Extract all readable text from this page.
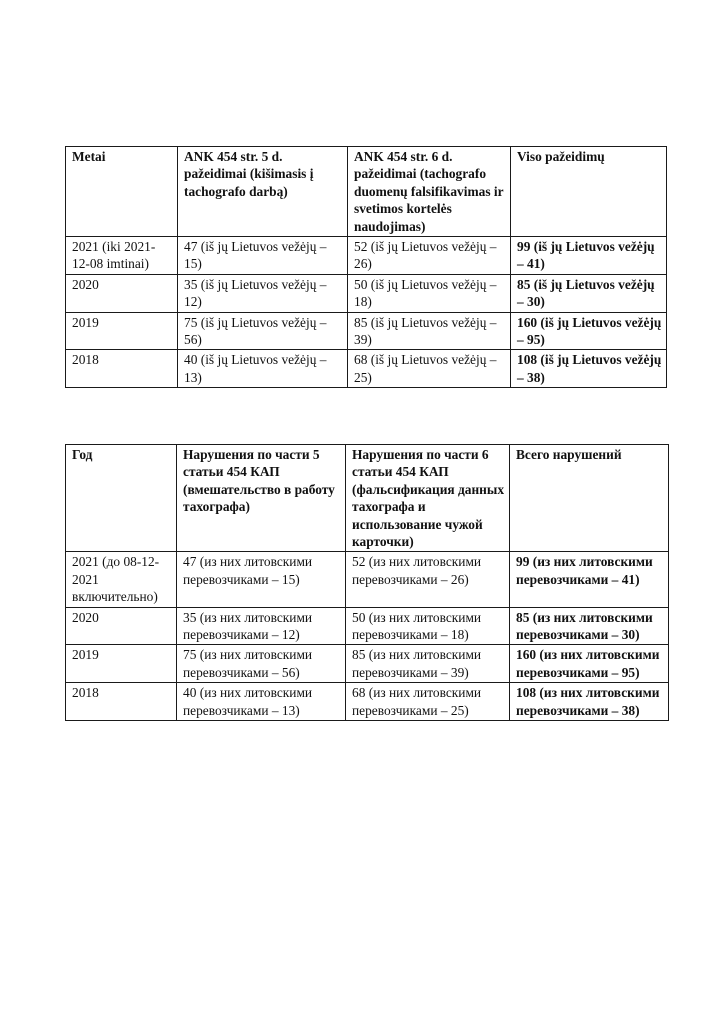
Metai	ANK 454 str. 5 d. pažeidimai (kišimasis į tachografo darbą)	ANK 454 str. 6 d. pažeidimai (tachografo duomenų falsifikavimas ir svetimos kortelės naudojimas)	Viso pažeidimų
2021 (iki 2021-12-08 imtinai)	47 (iš jų Lietuvos vežėjų – 15)	52 (iš jų Lietuvos vežėjų – 26)	99 (iš jų Lietuvos vežėjų – 41)
2020	35 (iš jų Lietuvos vežėjų – 12)	50 (iš jų Lietuvos vežėjų – 18)	85 (iš jų Lietuvos vežėjų – 30)
2019	75 (iš jų Lietuvos vežėjų – 56)	85 (iš jų Lietuvos vežėjų – 39)	160 (iš jų Lietuvos vežėjų – 95)
2018	40 (iš jų Lietuvos vežėjų – 13)	68 (iš jų Lietuvos vežėjų – 25)	108 (iš jų Lietuvos vežėjų – 38)
Год	Нарушения по части 5 статьи 454 КАП (вмешательство в работу тахографа)	Нарушения по части 6 статьи 454 КАП (фальсификация данных тахографа и использование чужой карточки)	Всего нарушений
2021 (до 08-12-2021 включительно)	47 (из них литовскими перевозчиками – 15)	52 (из них литовскими перевозчиками – 26)	99 (из них литовскими перевозчиками – 41)
2020	35 (из них литовскими перевозчиками – 12)	50 (из них литовскими перевозчиками – 18)	85 (из них литовскими перевозчиками – 30)
2019	75 (из них литовскими перевозчиками – 56)	85 (из них литовскими перевозчиками – 39)	160 (из них литовскими перевозчиками – 95)
2018	40 (из них литовскими перевозчиками – 13)	68 (из них литовскими перевозчиками – 25)	108 (из них литовскими перевозчиками – 38)
